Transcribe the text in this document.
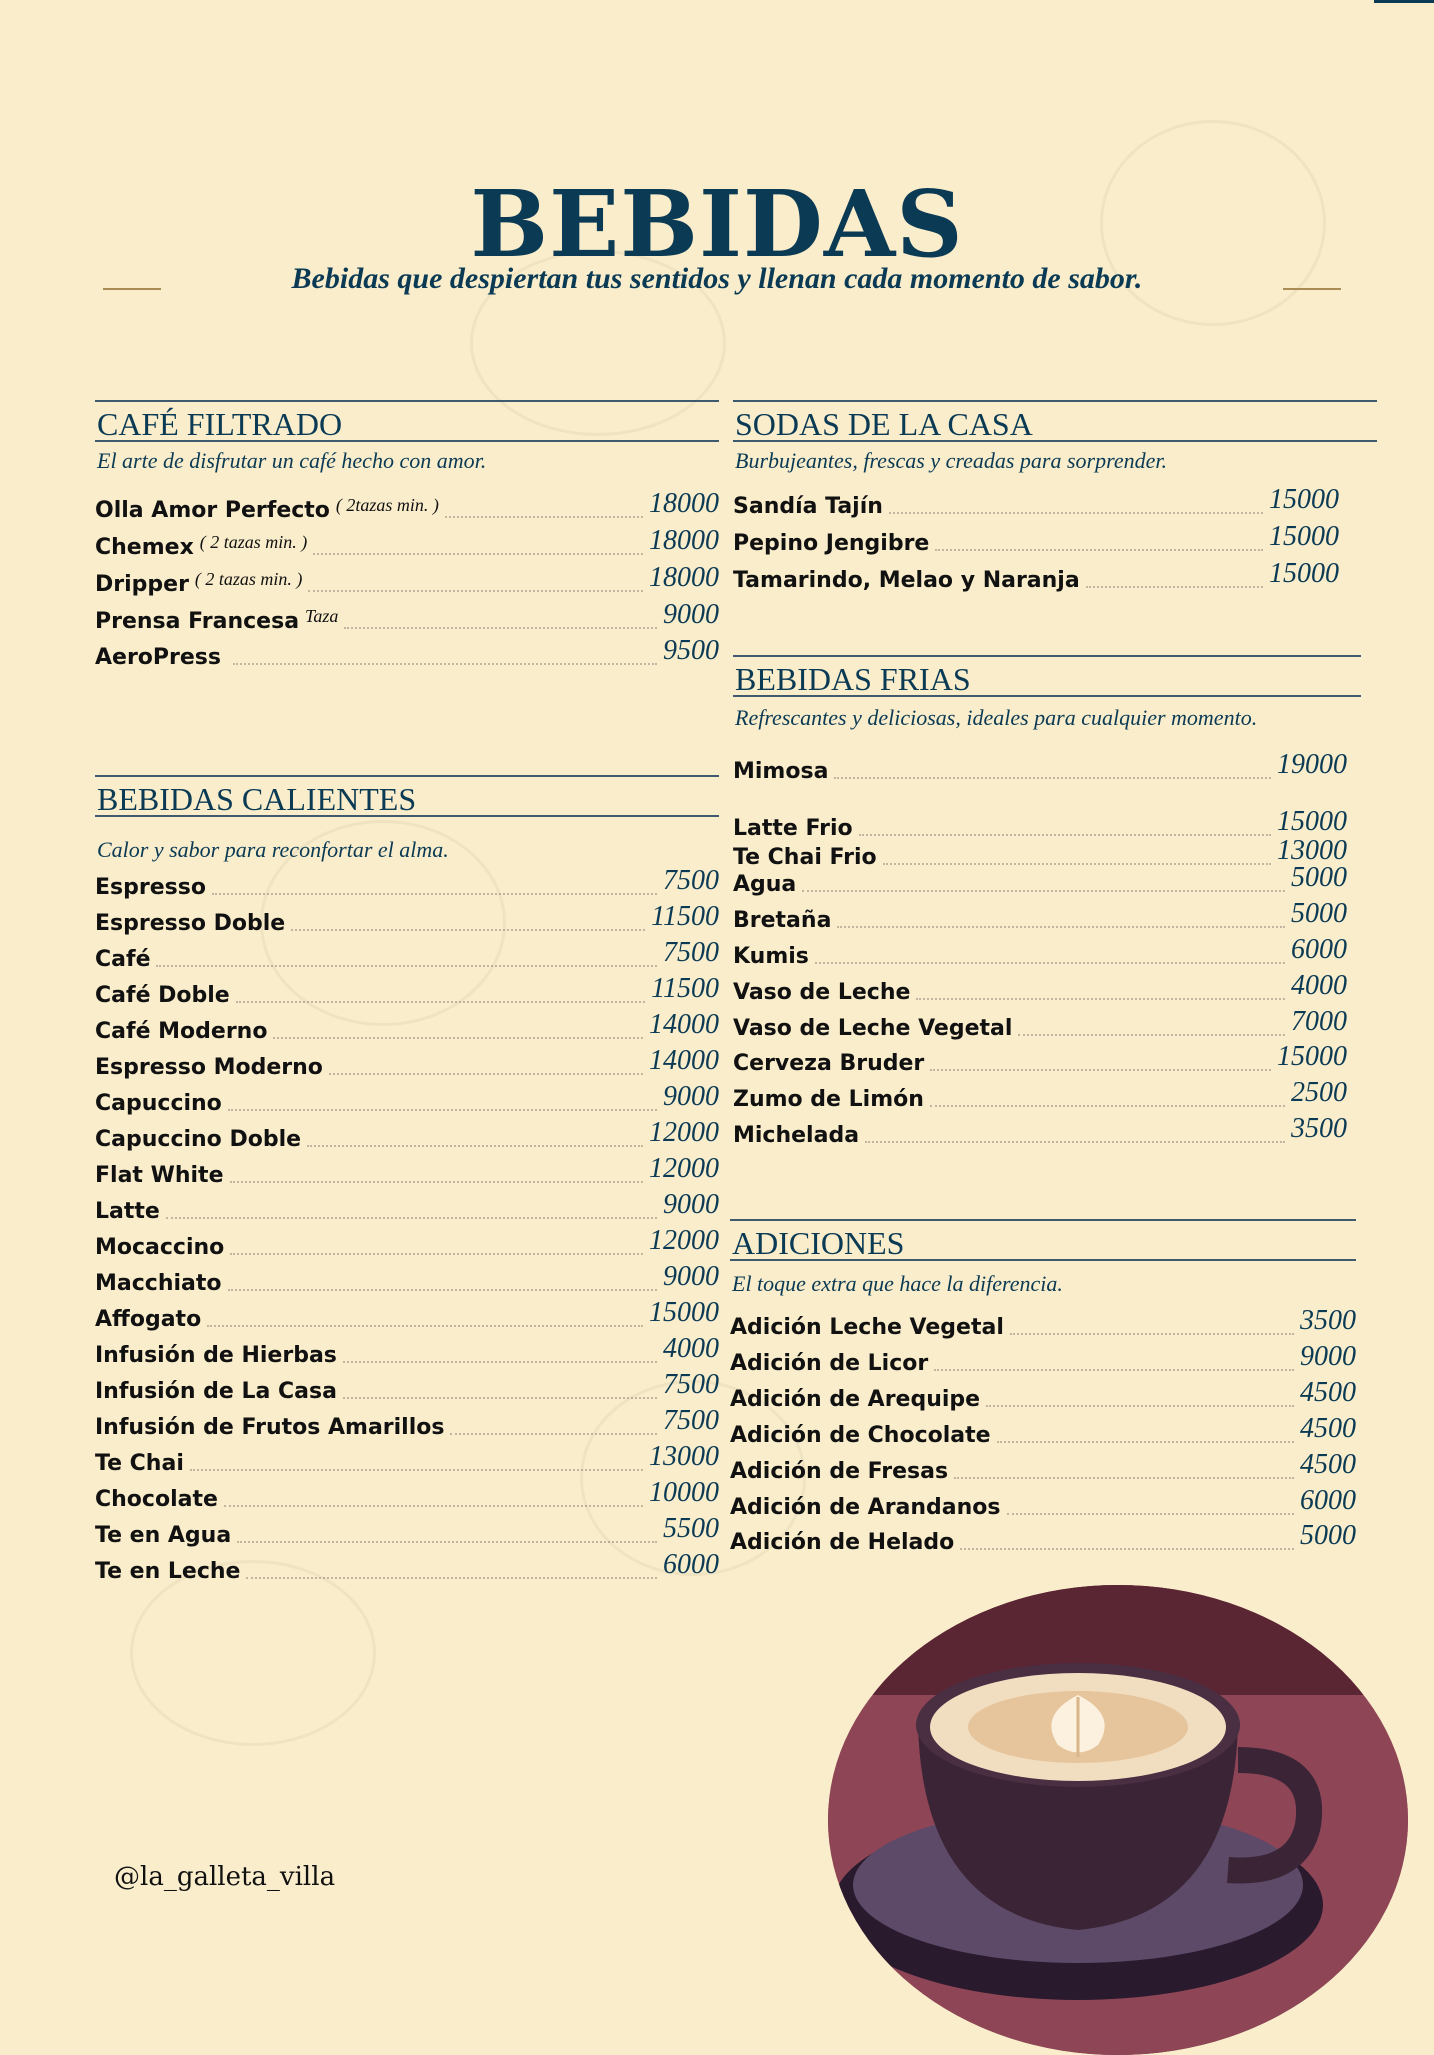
BEBIDAS
Bebidas que despiertan tus sentidos y llenan cada momento de sabor.
CAFÉ FILTRADO
El arte de disfrutar un café hecho con amor.
Olla Amor Perfecto ( 2tazas min. )	18000
Chemex ( 2 tazas min. )	18000
Dripper ( 2 tazas min. )	18000
Prensa Francesa Taza	9000
AeroPress	9500
BEBIDAS CALIENTES
Calor y sabor para reconfortar el alma.
Espresso	7500
Espresso Doble	11500
Café	7500
Café Doble	11500
Café Moderno	14000
Espresso Moderno	14000
Capuccino	9000
Capuccino Doble	12000
Flat White	12000
Latte	9000
Mocaccino	12000
Macchiato	9000
Affogato	15000
Infusión de Hierbas	4000
Infusión de La Casa	7500
Infusión de Frutos Amarillos	7500
Te Chai	13000
Chocolate	10000
Te en Agua	5500
Te en Leche	6000
SODAS DE LA CASA
Burbujeantes, frescas y creadas para sorprender.
Sandía Tajín	15000
Pepino Jengibre	15000
Tamarindo, Melao y Naranja	15000
BEBIDAS FRIAS
Refrescantes y deliciosas, ideales para cualquier momento.
Mimosa	19000
Latte Frio	15000
Te Chai Frio	13000
Agua	5000
Bretaña	5000
Kumis	6000
Vaso de Leche	4000
Vaso de Leche Vegetal	7000
Cerveza Bruder	15000
Zumo de Limón	2500
Michelada	3500
ADICIONES
El toque extra que hace la diferencia.
Adición Leche Vegetal	3500
Adición de Licor	9000
Adición de Arequipe	4500
Adición de Chocolate	4500
Adición de Fresas	4500
Adición de Arandanos	6000
Adición de Helado	5000
@la_galleta_villa
